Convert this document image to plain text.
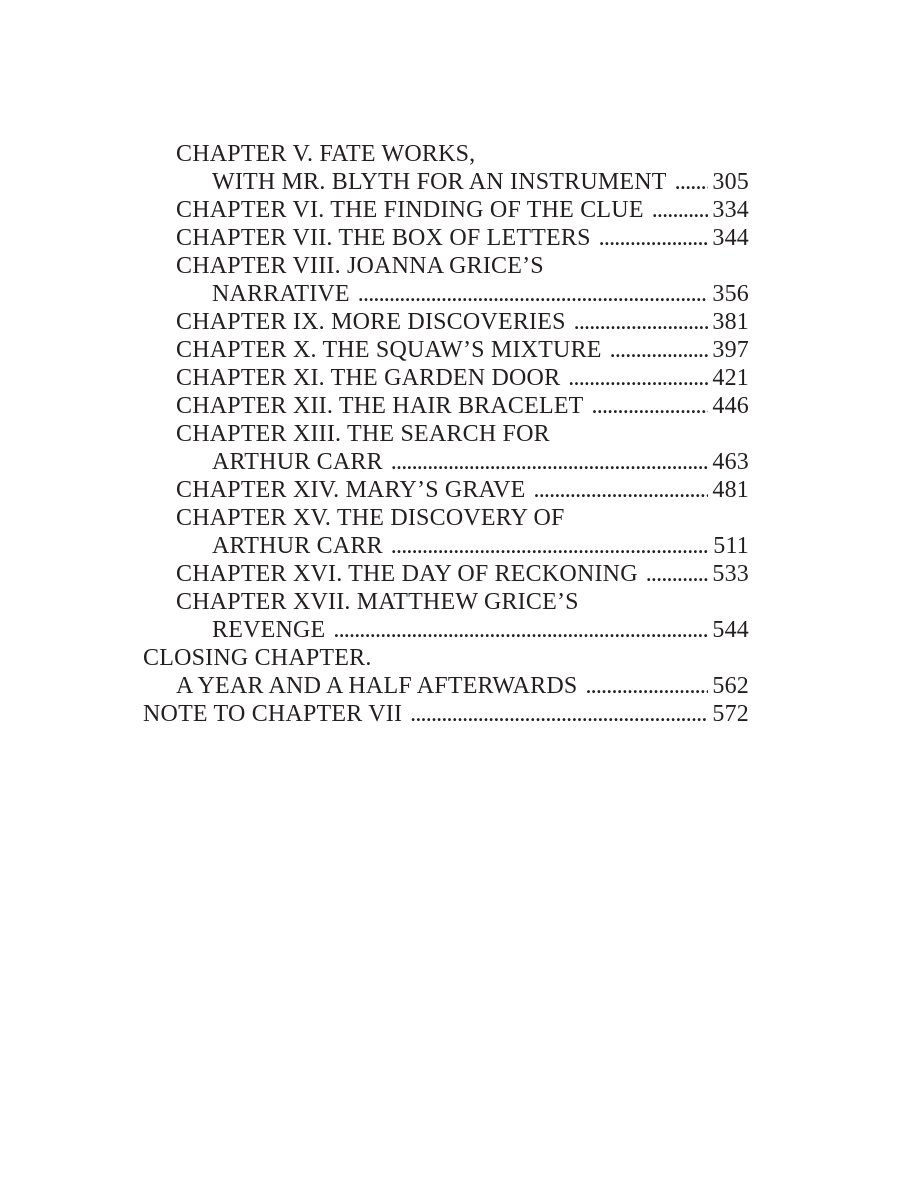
CHAPTER V. FATE WORKS,
WITH MR. BLYTH FOR AN INSTRUMENT . . . 305
CHAPTER VI. THE FINDING OF THE CLUE . . .	334
CHAPTER VII. THE BOX OF LETTERS . . .	344
CHAPTER VIII. JOANNA GRICE’S
NARRATIVE . . .	356
CHAPTER IX. MORE DISCOVERIES . . .	381
CHAPTER X. THE SQUAW’S MIXTURE . . .	397
CHAPTER XI. THE GARDEN DOOR . . .	421
CHAPTER XII. THE HAIR BRACELET . . .	446
CHAPTER XIII. THE SEARCH FOR
ARTHUR CARR . . .	463
CHAPTER XIV. MARY’S GRAVE . . .	481
CHAPTER XV. THE DISCOVERY OF
ARTHUR CARR . . .	511
CHAPTER XVI. THE DAY OF RECKONING . . .	533
CHAPTER XVII. MATTHEW GRICE’S
REVENGE . . .	544
CLOSING CHAPTER.
A YEAR AND A HALF AFTERWARDS . . .	562
NOTE TO CHAPTER VII . . .	572
